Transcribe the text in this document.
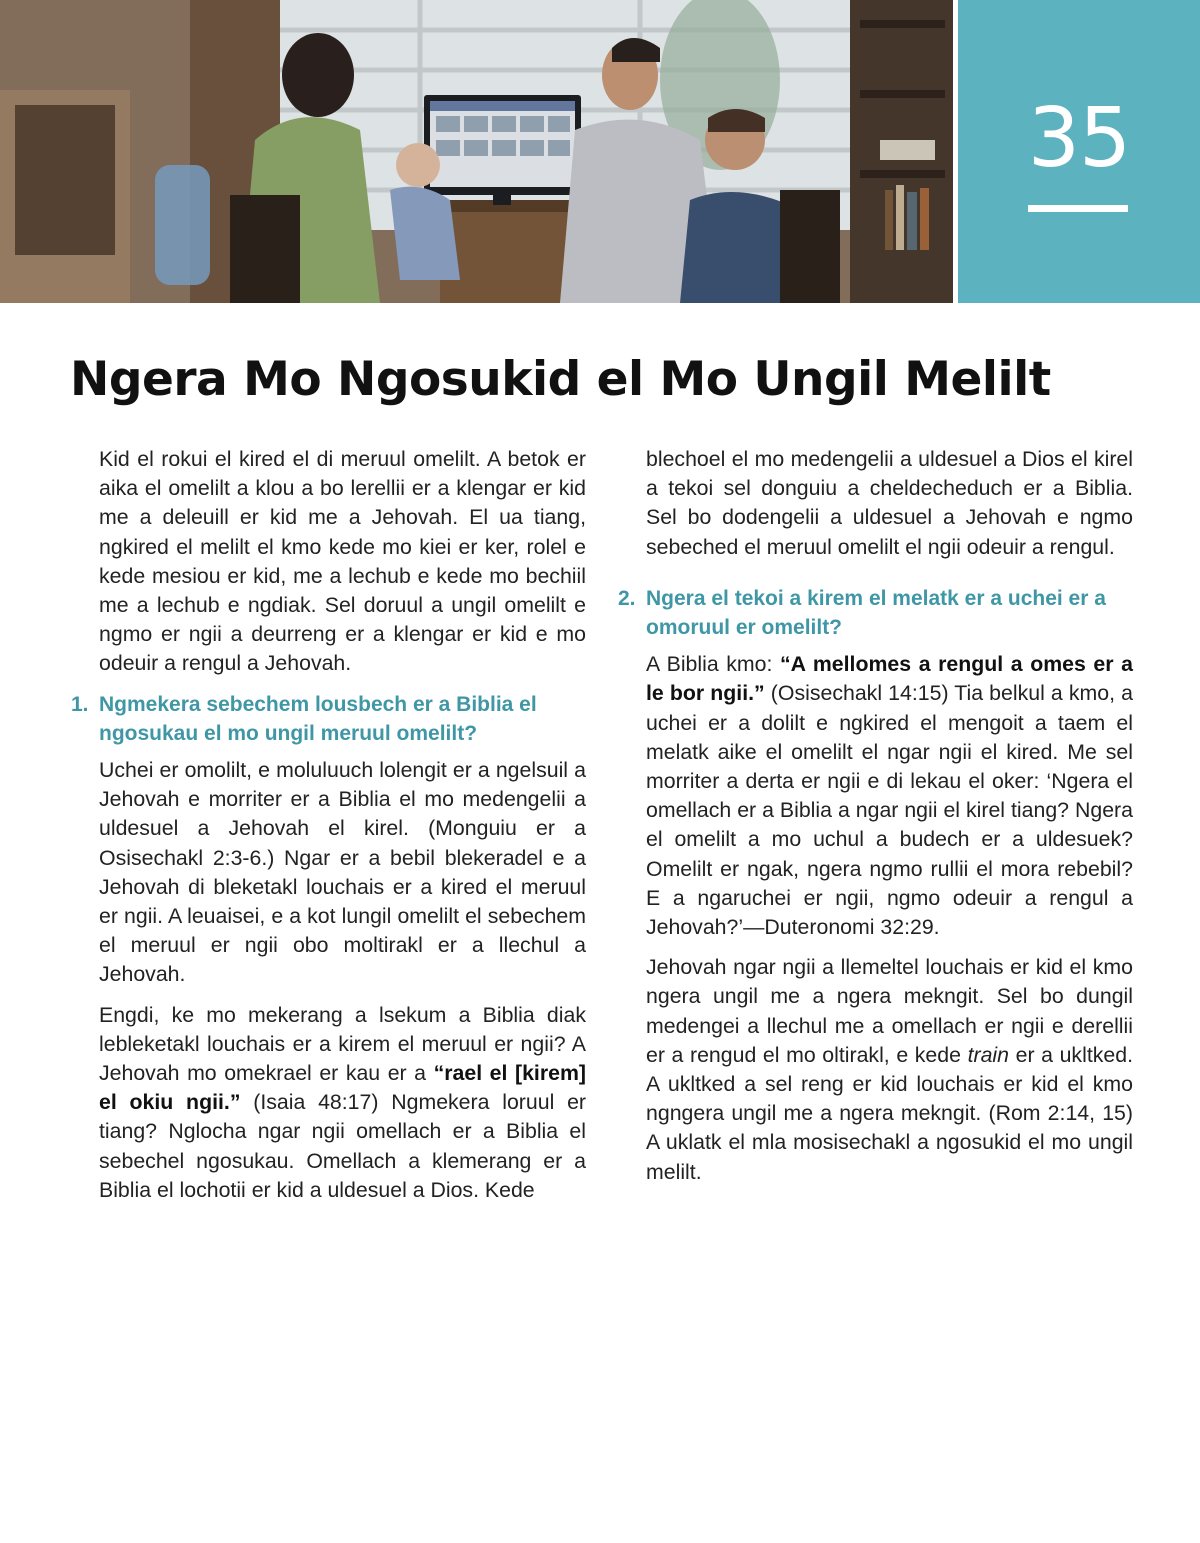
35
Ngera Mo Ngosukid el Mo Ungil Melilt

Kid el rokui el kired el di meruul omelilt. A betok er aika el omelilt a klou a bo lerellii er a klengar er kid me a deleuill er kid me a Jehovah. El ua tiang, ngkired el melilt el kmo kede mo kiei er ker, rolel e kede mesiou er kid, me a lechub e kede mo bechiil me a lechub e ngdiak. Sel doruul a ungil omelilt e ngmo er ngii a deurreng er a klengar er kid e mo odeuir a rengul a Jehovah.

1. Ngmekera sebechem lousbech er a Biblia el ngosukau el mo ungil meruul omelilt?

Uchei er omolilt, e moluluuch lolengit er a ngelsuil a Jehovah e morriter er a Biblia el mo medengelii a uldesuel a Jehovah el kirel. (Monguiu er a Osisechakl 2:3-6.) Ngar er a bebil blekeradel e a Jehovah di bleketakl louchais er a kired el meruul er ngii. A leuaisei, e a kot lungil omelilt el sebechem el meruul er ngii obo moltirakl er a llechul a Jehovah.

Engdi, ke mo mekerang a lsekum a Biblia diak lebleketakl louchais er a kirem el meruul er ngii? A Jehovah mo omekrael er kau er a “rael el [kirem] el okiu ngii.” (Isaia 48:17) Ngmekera loruul er tiang? Nglocha ngar ngii omellach er a Biblia el sebechel ngosukau. Omellach a klemerang er a Biblia el lochotii er kid a uldesuel a Dios. Kede

blechoel el mo medengelii a uldesuel a Dios el kirel a tekoi sel donguiu a cheldecheduch er a Biblia. Sel bo dodengelii a uldesuel a Jehovah e ngmo sebeched el meruul omelilt el ngii odeuir a rengul.

2. Ngera el tekoi a kirem el melatk er a uchei er a omoruul er omelilt?

A Biblia kmo: “A mellomes a rengul a omes er a le bor ngii.” (Osisechakl 14:15) Tia belkul a kmo, a uchei er a dolilt e ngkired el mengoit a taem el melatk aike el omelilt el ngar ngii el kired. Me sel morriter a derta er ngii e di lekau el oker: ‘Ngera el omellach er a Biblia a ngar ngii el kirel tiang? Ngera el omelilt a mo uchul a budech er a uldesuek? Omelilt er ngak, ngera ngmo rullii el mora rebebil? E a ngaruchei er ngii, ngmo odeuir a rengul a Jehovah?’—Duteronomi 32:29.

Jehovah ngar ngii a llemeltel louchais er kid el kmo ngera ungil me a ngera mekngit. Sel bo dungil medengei a llechul me a omellach er ngii e derellii er a rengud el mo oltirakl, e kede train er a ukltked. A ukltked a sel reng er kid louchais er kid el kmo ngngera ungil me a ngera mekngit. (Rom 2:14, 15) A uklatk el mla mosisechakl a ngosukid el mo ungil melilt.
